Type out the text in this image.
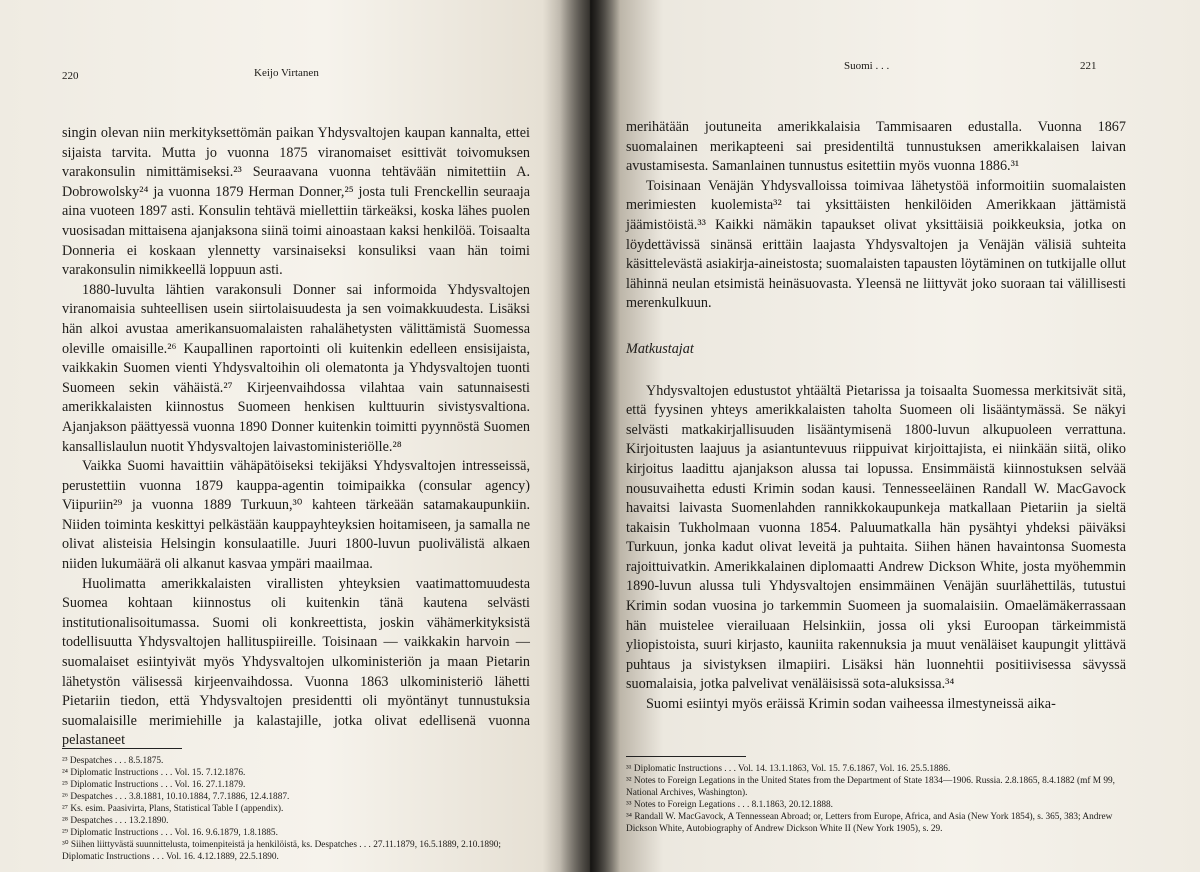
220	Keijo Virtanen

singin olevan niin merkityksettömän paikan Yhdysvaltojen kaupan kannalta, ettei sijaista tarvita. Mutta jo vuonna 1875 viranomaiset esittivät toivomuksen varakonsulin nimittämiseksi.²³ Seuraavana vuonna tehtävään nimitettiin A. Dobrowolsky²⁴ ja vuonna 1879 Herman Donner,²⁵ josta tuli Frenckellin seuraaja aina vuoteen 1897 asti. Konsulin tehtävä miellettiin tärkeäksi, koska lähes puolen vuosisadan mittaisena ajanjaksona siinä toimi ainoastaan kaksi henkilöä. Toisaalta Donneria ei koskaan ylennetty varsinaiseksi konsuliksi vaan hän toimi varakonsulin nimikkeellä loppuun asti.

1880-luvulta lähtien varakonsuli Donner sai informoida Yhdysvaltojen viranomaisia suhteellisen usein siirtolaisuudesta ja sen voimakkuudesta. Lisäksi hän alkoi avustaa amerikansuomalaisten rahalähetysten välittämistä Suomessa oleville omaisille.²⁶ Kaupallinen raportointi oli kuitenkin edelleen ensisijaista, vaikkakin Suomen vienti Yhdysvaltoihin oli olematonta ja Yhdysvaltojen tuonti Suomeen sekin vähäistä.²⁷ Kirjeenvaihdossa vilahtaa vain satunnaisesti amerikkalaisten kiinnostus Suomeen henkisen kulttuurin sivistysvaltiona. Ajanjakson päättyessä vuonna 1890 Donner kuitenkin toimitti pyynnöstä Suomen kansallislaulun nuotit Yhdysvaltojen laivastoministeriölle.²⁸

Vaikka Suomi havaittiin vähäpätöiseksi tekijäksi Yhdysvaltojen intresseissä, perustettiin vuonna 1879 kauppa-agentin toimipaikka (consular agency) Viipuriin²⁹ ja vuonna 1889 Turkuun,³⁰ kahteen tärkeään satamakaupunkiin. Niiden toiminta keskittyi pelkästään kauppayhteyksien hoitamiseen, ja samalla ne olivat alisteisia Helsingin konsulaatille. Juuri 1800-luvun puolivälistä alkaen niiden lukumäärä oli alkanut kasvaa ympäri maailmaa.

Huolimatta amerikkalaisten virallisten yhteyksien vaatimattomuudesta Suomea kohtaan kiinnostus oli kuitenkin tänä kautena selvästi institutionalisoitumassa. Suomi oli konkreettista, joskin vähämerkityksistä todellisuutta Yhdysvaltojen hallituspiireille. Toisinaan — vaikkakin harvoin — suomalaiset esiintyivät myös Yhdysvaltojen ulkoministeriön ja maan Pietarin lähetystön välisessä kirjeenvaihdossa. Vuonna 1863 ulkoministeriö lähetti Pietariin tiedon, että Yhdysvaltojen presidentti oli myöntänyt tunnustuksia suomalaisille merimiehille ja kalastajille, jotka olivat edellisenä vuonna pelastaneet

²³ Despatches . . . 8.5.1875.

²⁴ Diplomatic Instructions . . . Vol. 15. 7.12.1876.

²⁵ Diplomatic Instructions . . . Vol. 16. 27.1.1879.

²⁶ Despatches . . . 3.8.1881, 10.10.1884, 7.7.1886, 12.4.1887.

²⁷ Ks. esim. Paasivirta, Plans, Statistical Table I (appendix).

²⁸ Despatches . . . 13.2.1890.

²⁹ Diplomatic Instructions . . . Vol. 16. 9.6.1879, 1.8.1885.

³⁰ Siihen liittyvästä suunnittelusta, toimenpiteistä ja henkilöistä, ks. Despatches . . . 27.11.1879, 16.5.1889, 2.10.1890; Diplomatic Instructions . . . Vol. 16. 4.12.1889, 22.5.1890.

Suomi . . .	221

merihätään joutuneita amerikkalaisia Tammisaaren edustalla. Vuonna 1867 suomalainen merikapteeni sai presidentiltä tunnustuksen amerikkalaisen laivan avustamisesta. Samanlainen tunnustus esitettiin myös vuonna 1886.³¹

Toisinaan Venäjän Yhdysvalloissa toimivaa lähetystöä informoitiin suomalaisten merimiesten kuolemista³² tai yksittäisten henkilöiden Amerikkaan jättämistä jäämistöistä.³³ Kaikki nämäkin tapaukset olivat yksittäisiä poikkeuksia, jotka on löydettävissä sinänsä erittäin laajasta Yhdysvaltojen ja Venäjän välisiä suhteita käsittelevästä asiakirja-aineistosta; suomalaisten tapausten löytäminen on tutkijalle ollut lähinnä neulan etsimistä heinäsuovasta. Yleensä ne liittyvät joko suoraan tai välillisesti merenkulkuun.

Matkustajat

Yhdysvaltojen edustustot yhtäältä Pietarissa ja toisaalta Suomessa merkitsivät sitä, että fyysinen yhteys amerikkalaisten taholta Suomeen oli lisääntymässä. Se näkyi selvästi matkakirjallisuuden lisääntymisenä 1800-luvun alkupuoleen verrattuna. Kirjoitusten laajuus ja asiantuntevuus riippuivat kirjoittajista, ei niinkään siitä, oliko kirjoitus laadittu ajanjakson alussa tai lopussa. Ensimmäistä kiinnostuksen selvää nousuvaihetta edusti Krimin sodan kausi. Tennesseeläinen Randall W. MacGavock havaitsi laivasta Suomenlahden rannikkokaupunkeja matkallaan Pietariin ja sieltä takaisin Tukholmaan vuonna 1854. Paluumatkalla hän pysähtyi yhdeksi päiväksi Turkuun, jonka kadut olivat leveitä ja puhtaita. Siihen hänen havaintonsa Suomesta rajoittuivatkin. Amerikkalainen diplomaatti Andrew Dickson White, josta myöhemmin 1890-luvun alussa tuli Yhdysvaltojen ensimmäinen Venäjän suurlähettiläs, tutustui Krimin sodan vuosina jo tarkemmin Suomeen ja suomalaisiin. Omaelämäkerrassaan hän muistelee vierailuaan Helsinkiin, jossa oli yksi Euroopan tärkeimmistä yliopistoista, suuri kirjasto, kauniita rakennuksia ja muut venäläiset kaupungit ylittävä puhtaus ja sivistyksen ilmapiiri. Lisäksi hän luonnehtii positiivisessa sävyssä suomalaisia, jotka palvelivat venäläisissä sota-aluksissa.³⁴

Suomi esiintyi myös eräissä Krimin sodan vaiheessa ilmestyneissä aika-

³¹ Diplomatic Instructions . . . Vol. 14. 13.1.1863, Vol. 15. 7.6.1867, Vol. 16. 25.5.1886.

³² Notes to Foreign Legations in the United States from the Department of State 1834—1906. Russia. 2.8.1865, 8.4.1882 (mf M 99, National Archives, Washington).

³³ Notes to Foreign Legations . . . 8.1.1863, 20.12.1888.

³⁴ Randall W. MacGavock, A Tennessean Abroad; or, Letters from Europe, Africa, and Asia (New York 1854), s. 365, 383; Andrew Dickson White, Autobiography of Andrew Dickson White II (New York 1905), s. 29.
